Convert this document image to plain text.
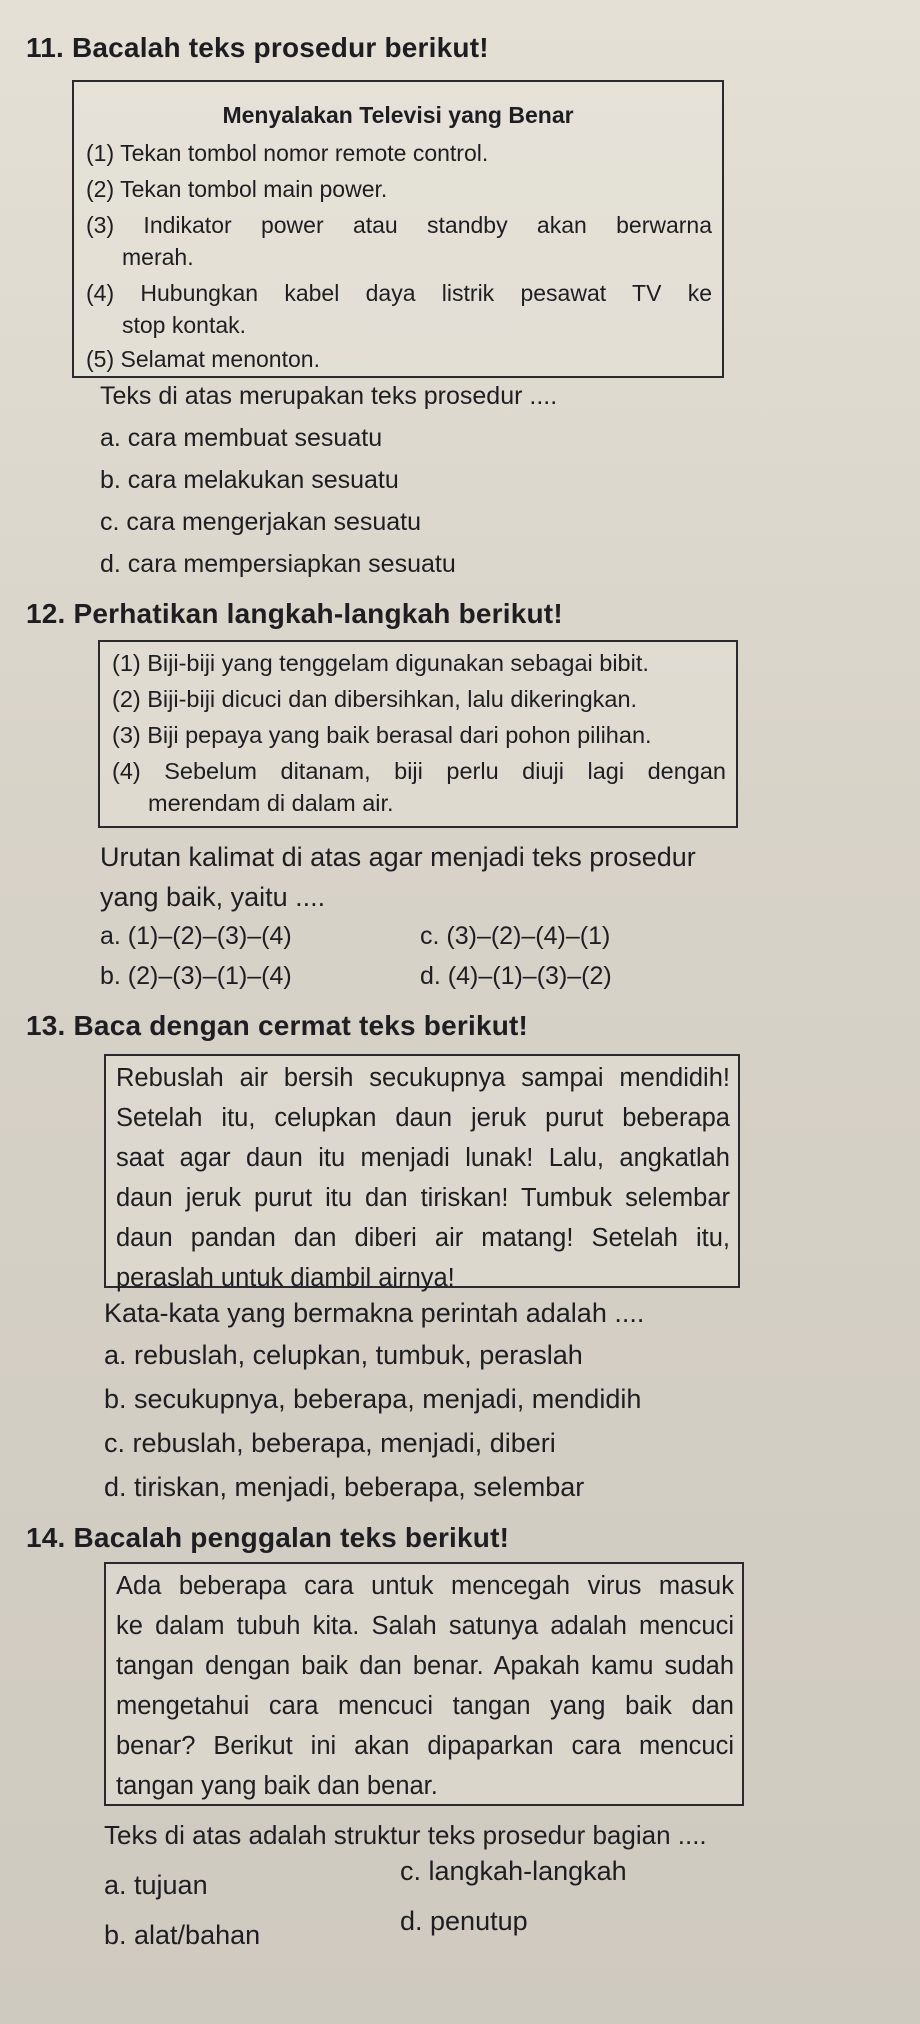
11. Bacalah teks prosedur berikut!
Menyalakan Televisi yang Benar
(1) Tekan tombol nomor remote control.
(2) Tekan tombol main power.
(3) Indikator power atau standby akan berwarna
merah.
(4) Hubungkan kabel daya listrik pesawat TV ke
stop kontak.
(5) Selamat menonton.
Teks di atas merupakan teks prosedur ....
a. cara membuat sesuatu
b. cara melakukan sesuatu
c. cara mengerjakan sesuatu
d. cara mempersiapkan sesuatu
12. Perhatikan langkah-langkah berikut!
(1) Biji-biji yang tenggelam digunakan sebagai bibit.
(2) Biji-biji dicuci dan dibersihkan, lalu dikeringkan.
(3) Biji pepaya yang baik berasal dari pohon pilihan.
(4) Sebelum ditanam, biji perlu diuji lagi dengan
merendam di dalam air.
Urutan kalimat di atas agar menjadi teks prosedur
yang baik, yaitu ....
a. (1)–(2)–(3)–(4)
b. (2)–(3)–(1)–(4)
c. (3)–(2)–(4)–(1)
d. (4)–(1)–(3)–(2)
13. Baca dengan cermat teks berikut!
Rebuslah air bersih secukupnya sampai mendidih!
Setelah itu, celupkan daun jeruk purut beberapa
saat agar daun itu menjadi lunak! Lalu, angkatlah
daun jeruk purut itu dan tiriskan! Tumbuk selembar
daun pandan dan diberi air matang! Setelah itu,
peraslah untuk diambil airnya!
Kata-kata yang bermakna perintah adalah ....
a. rebuslah, celupkan, tumbuk, peraslah
b. secukupnya, beberapa, menjadi, mendidih
c. rebuslah, beberapa, menjadi, diberi
d. tiriskan, menjadi, beberapa, selembar
14. Bacalah penggalan teks berikut!
Ada beberapa cara untuk mencegah virus masuk
ke dalam tubuh kita. Salah satunya adalah mencuci
tangan dengan baik dan benar. Apakah kamu sudah
mengetahui cara mencuci tangan yang baik dan
benar? Berikut ini akan dipaparkan cara mencuci
tangan yang baik dan benar.
Teks di atas adalah struktur teks prosedur bagian ....
a. tujuan
b. alat/bahan
c. langkah-langkah
d. penutup
